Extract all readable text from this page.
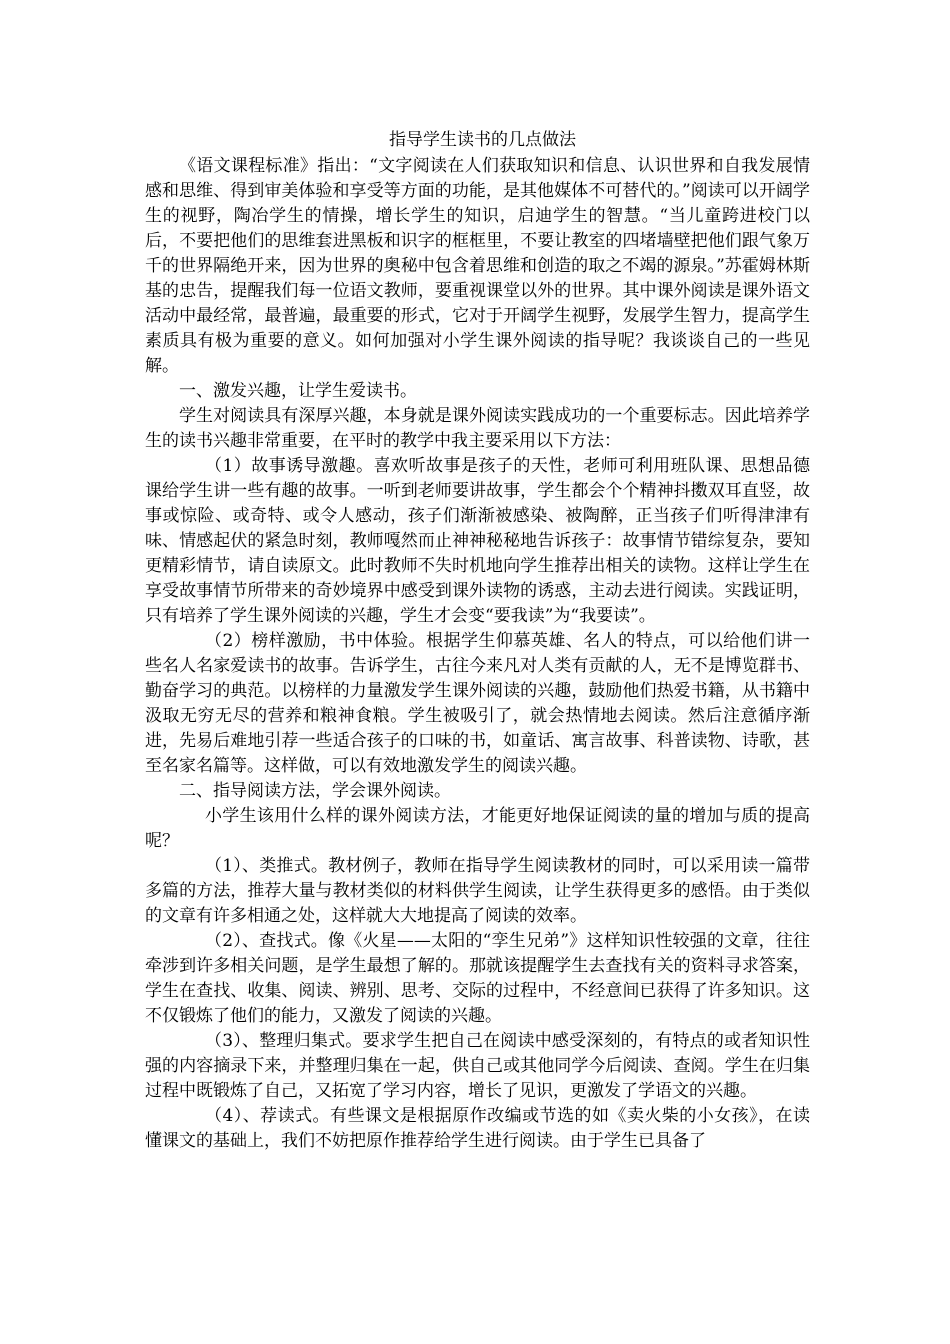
指导学生读书的几点做法

《语文课程标准》指出：“文字阅读在人们获取知识和信息、认识世界和自我发展情感和思维、得到审美体验和享受等方面的功能，是其他媒体不可替代的。”阅读可以开阔学生的视野，陶冶学生的情操，增长学生的知识，启迪学生的智慧。“当儿童跨进校门以后，不要把他们的思维套进黑板和识字的框框里，不要让教室的四堵墙壁把他们跟气象万千的世界隔绝开来，因为世界的奥秘中包含着思维和创造的取之不竭的源泉。”苏霍姆林斯基的忠告，提醒我们每一位语文教师，要重视课堂以外的世界。其中课外阅读是课外语文活动中最经常，最普遍，最重要的形式，它对于开阔学生视野，发展学生智力，提高学生素质具有极为重要的意义。如何加强对小学生课外阅读的指导呢？我谈谈自己的一些见解。

一、激发兴趣，让学生爱读书。

学生对阅读具有深厚兴趣，本身就是课外阅读实践成功的一个重要标志。因此培养学生的读书兴趣非常重要，在平时的教学中我主要采用以下方法：

（1）故事诱导激趣。喜欢听故事是孩子的天性，老师可利用班队课、思想品德课给学生讲一些有趣的故事。一听到老师要讲故事，学生都会个个精神抖擞双耳直竖，故事或惊险、或奇特、或令人感动，孩子们渐渐被感染、被陶醉，正当孩子们听得津津有味、情感起伏的紧急时刻，教师嘎然而止神神秘秘地告诉孩子：故事情节错综复杂，要知更精彩情节，请自读原文。此时教师不失时机地向学生推荐出相关的读物。这样让学生在享受故事情节所带来的奇妙境界中感受到课外读物的诱惑，主动去进行阅读。实践证明，只有培养了学生课外阅读的兴趣，学生才会变“要我读”为“我要读”。

（2）榜样激励，书中体验。根据学生仰慕英雄、名人的特点，可以给他们讲一些名人名家爱读书的故事。告诉学生，古往今来凡对人类有贡献的人，无不是博览群书、勤奋学习的典范。以榜样的力量激发学生课外阅读的兴趣，鼓励他们热爱书籍，从书籍中汲取无穷无尽的营养和粮神食粮。学生被吸引了，就会热情地去阅读。然后注意循序渐进，先易后难地引荐一些适合孩子的口味的书，如童话、寓言故事、科普读物、诗歌，甚至名家名篇等。这样做，可以有效地激发学生的阅读兴趣。

二、指导阅读方法，学会课外阅读。

小学生该用什么样的课外阅读方法，才能更好地保证阅读的量的增加与质的提高呢？

（1）、类推式。教材例子，教师在指导学生阅读教材的同时，可以采用读一篇带多篇的方法，推荐大量与教材类似的材料供学生阅读，让学生获得更多的感悟。由于类似的文章有许多相通之处，这样就大大地提高了阅读的效率。

（2）、查找式。像《火星——太阳的“孪生兄弟”》这样知识性较强的文章，往往牵涉到许多相关问题，是学生最想了解的。那就该提醒学生去查找有关的资料寻求答案，学生在查找、收集、阅读、辨别、思考、交际的过程中，不经意间已获得了许多知识。这不仅锻炼了他们的能力，又激发了阅读的兴趣。

（3）、整理归集式。要求学生把自己在阅读中感受深刻的，有特点的或者知识性强的内容摘录下来，并整理归集在一起，供自己或其他同学今后阅读、查阅。学生在归集过程中既锻炼了自己，又拓宽了学习内容，增长了见识，更激发了学语文的兴趣。

（4）、荐读式。有些课文是根据原作改编或节选的如《卖火柴的小女孩》，在读懂课文的基础上，我们不妨把原作推荐给学生进行阅读。由于学生已具备了
